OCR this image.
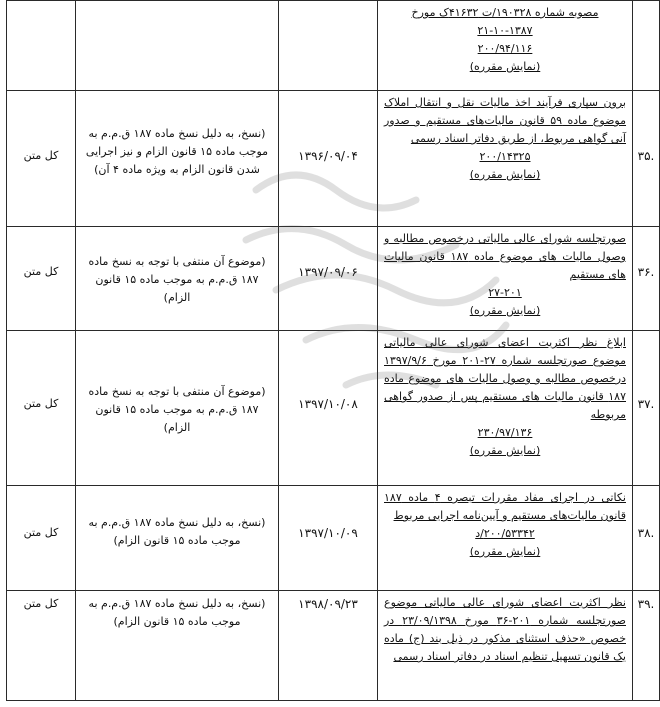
	مصوبه شماره ۱۹۰۳۲۸/ت ۴۱۶۳۲ک مورخ
۲۱-۱۰-۱۳۸۷
۲۰۰/۹۴/۱۱۶
(نمایش مقرره)			

.۳۵	برون سپاری فرآیند اخذ مالیات نقل و انتقال املاک موضوع ماده ۵۹ قانون مالیات‌های مستقیم و صدور آنی گواهی مربوط، از طریق دفاتر اسناد رسمی
۲۰۰/۱۴۳۲۵
(نمایش مقرره)	۱۳۹۶/۰۹/۰۴	(نسخ، به دلیل نسخ ماده ۱۸۷ ق.م.م به موجب ماده ۱۵ قانون الزام و نیز اجرایی شدن قانون الزام به ویژه ماده ۴ آن)	کل متن
.۳۶	صورتجلسه شورای عالی مالیاتی درخصوص مطالبه و وصول مالیات های موضوع ماده ۱۸۷ قانون مالیات های مستقیم
۲۷-۲۰۱
(نمایش مقرره)	۱۳۹۷/۰۹/۰۶	(موضوع آن منتفی با توجه به نسخ ماده ۱۸۷ ق.م.م به موجب ماده ۱۵ قانون الزام)	کل متن
.۳۷	ابلاغ نظر اکثریت اعضای شورای عالی مالیاتی موضوع صورتجلسه شماره ۲۷-۲۰۱ مورخ ۱۳۹۷/۹/۶ درخصوص مطالبه و وصول مالیات های موضوع ماده ۱۸۷ قانون مالیات های مستقیم پس از صدور گواهی مربوطه
۲۳۰/۹۷/۱۳۶
(نمایش مقرره)	۱۳۹۷/۱۰/۰۸	(موضوع آن منتفی با توجه به نسخ ماده ۱۸۷ ق.م.م به موجب ماده ۱۵ قانون الزام)	کل متن
.۳۸	نکاتی در اجرای مفاد مقررات تبصره ۴ ماده ۱۸۷ قانون مالیات‌های مستقیم و آیین‌نامه اجرایی مربوط
۲۰۰/۵۳۳۴۲/د
(نمایش مقرره)	۱۳۹۷/۱۰/۰۹	(نسخ، به دلیل نسخ ماده ۱۸۷ ق.م.م به موجب ماده ۱۵ قانون الزام)	کل متن
.۳۹	نظر اکثریت اعضای شورای عالی مالیاتی موضوع صورتجلسه شماره ۲۰۱-۳۶ مورخ ۲۳/۰۹/۱۳۹۸ در خصوص «حذف استثنای مذکور در ذیل بند (ج) ماده یک قانون تسهیل تنظیم اسناد در دفاتر اسناد رسمی	۱۳۹۸/۰۹/۲۳	(نسخ، به دلیل نسخ ماده ۱۸۷ ق.م.م به موجب ماده ۱۵ قانون الزام)	کل متن
